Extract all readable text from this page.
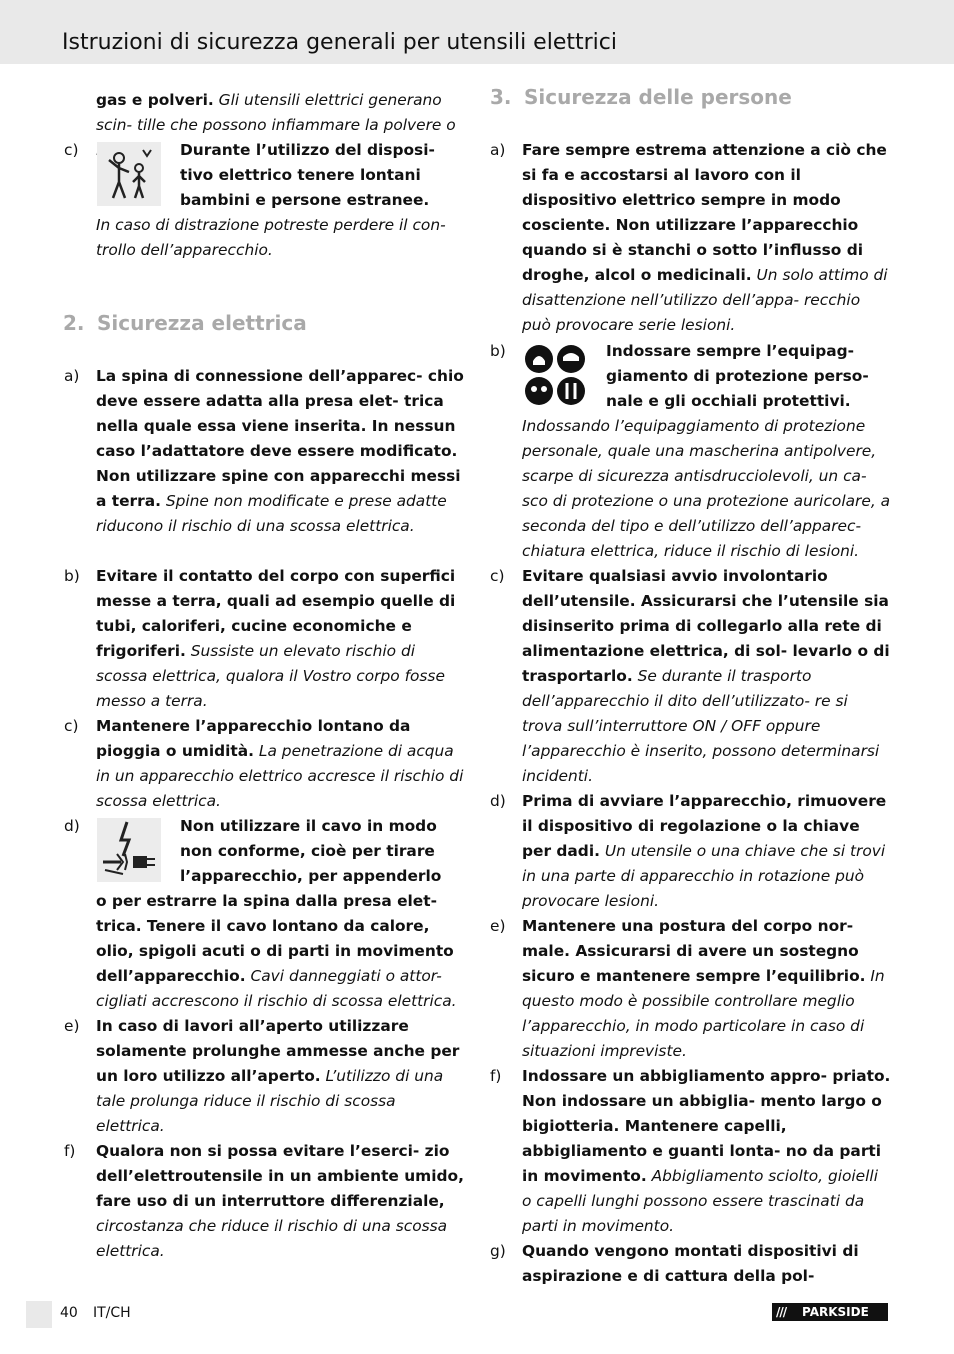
Istruzioni di sicurezza generali per utensili elettrici
gas e polveri. Gli utensili elettrici generano scin- tille che possono infiammare la polvere o
c)	Durante l’utilizzo del disposi- tivo elettrico tenere lontani bambini e persone estranee.
In caso di distrazione potreste perdere il con- trollo dell’apparecchio.
2. Sicurezza elettrica
a) La spina di connessione dell’apparec- chio deve essere adatta alla presa elet- trica nella quale essa viene inserita. In nessun caso l’adattatore deve essere modificato. Non utilizzare spine con apparecchi messi a terra. Spine non modificate e prese adatte riducono il rischio di una scossa elettrica.
b) Evitare il contatto del corpo con superfici messe a terra, quali ad esempio quelle di tubi, caloriferi, cucine economiche e frigoriferi. Sussiste un elevato rischio di scossa elettrica, qualora il Vostro corpo fosse messo a terra.
c) Mantenere l’apparecchio lontano da pioggia o umidità. La penetrazione di acqua in un apparecchio elettrico accresce il rischio di scossa elettrica.
d)	Non utilizzare il cavo in modo non conforme, cioè per tirare l’apparecchio, per appenderlo
o per estrarre la spina dalla presa elet- trica. Tenere il cavo lontano da calore, olio, spigoli acuti o di parti in movimento dell’apparecchio. Cavi danneggiati o attor- cigliati accrescono il rischio di scossa elettrica.
e) In caso di lavori all’aperto utilizzare solamente prolunghe ammesse anche per un loro utilizzo all’aperto. L’utilizzo di una tale prolunga riduce il rischio di scossa elettrica.
f) Qualora non si possa evitare l’eserci- zio dell’elettroutensile in un ambiente umido, fare uso di un interruttore differenziale, circostanza che riduce il rischio di una scossa elettrica.
3. Sicurezza delle persone
a) Fare sempre estrema attenzione a ciò che si fa e accostarsi al lavoro con il dispositivo elettrico sempre in modo cosciente. Non utilizzare l’apparecchio quando si è stanchi o sotto l’influsso di droghe, alcol o medicinali. Un solo attimo di disattenzione nell’utilizzo dell’appa- recchio può provocare serie lesioni.
b)	Indossare sempre l’equipag- giamento di protezione perso- nale e gli occhiali protettivi.
Indossando l’equipaggiamento di protezione personale, quale una mascherina antipolvere, scarpe di sicurezza antisdrucciolevoli, un ca- sco di protezione o una protezione auricolare, a seconda del tipo e dell’utilizzo dell’apparec- chiatura elettrica, riduce il rischio di lesioni.
c) Evitare qualsiasi avvio involontario dell’utensile. Assicurarsi che l’utensile sia disinserito prima di collegarlo alla rete di alimentazione elettrica, di sol- levarlo o di trasportarlo. Se durante il trasporto dell’apparecchio il dito dell’utilizzato- re si trova sull’interruttore ON / OFF oppure l’apparecchio è inserito, possono determinarsi incidenti.
d) Prima di avviare l’apparecchio, rimuovere il dispositivo di regolazione o la chiave per dadi. Un utensile o una chiave che si trovi in una parte di apparecchio in rotazione può provocare lesioni.
e) Mantenere una postura del corpo nor- male. Assicurarsi di avere un sostegno sicuro e mantenere sempre l’equilibrio. In questo modo è possibile controllare meglio l’apparecchio, in modo particolare in caso di situazioni impreviste.
f) Indossare un abbigliamento appro- priato. Non indossare un abbiglia- mento largo o bigiotteria. Mantenere capelli, abbigliamento e guanti lonta- no da parti in movimento. Abbigliamento sciolto, gioielli o capelli lunghi possono essere trascinati da parti in movimento.
g) Quando vengono montati dispositivi di aspirazione e di cattura della pol-
40 IT/CH	/// PARKSIDE
